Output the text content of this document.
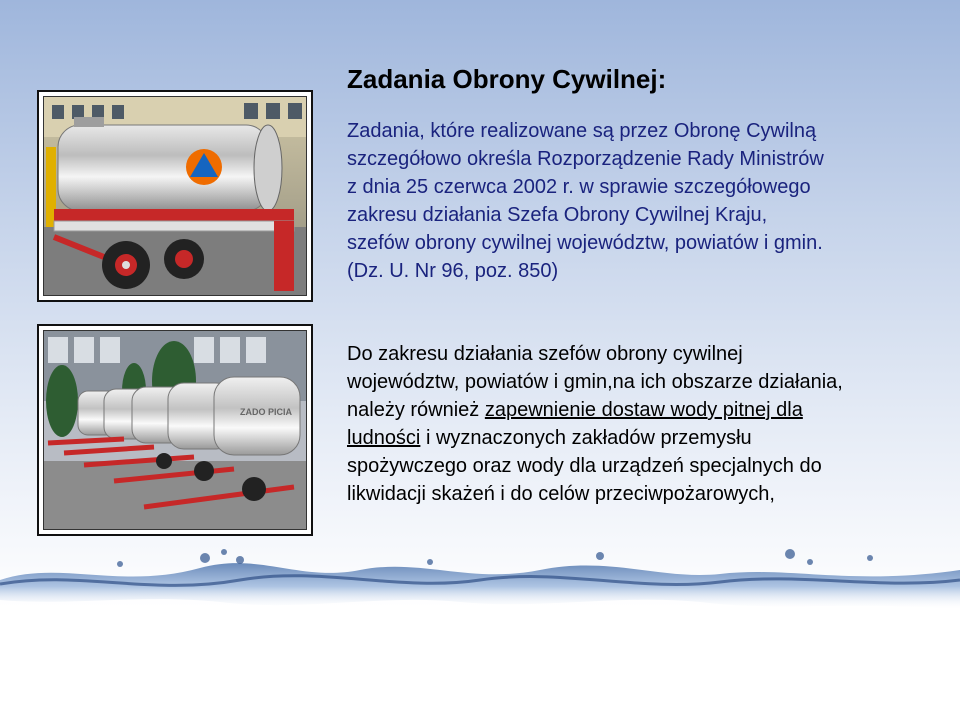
Zadania Obrony Cywilnej:
ZADO PICIA
Zadania, które realizowane są przez Obronę Cywilną
szczegółowo określa Rozporządzenie Rady Ministrów
z dnia 25 czerwca 2002 r. w sprawie szczegółowego
zakresu działania Szefa Obrony Cywilnej Kraju,
szefów obrony cywilnej województw, powiatów i gmin.
(Dz. U. Nr 96, poz. 850)
Do zakresu działania szefów obrony cywilnej
województw, powiatów i gmin,na ich obszarze działania,
należy również zapewnienie dostaw wody pitnej dla
ludności i wyznaczonych zakładów przemysłu
spożywczego oraz wody dla urządzeń specjalnych do
likwidacji skażeń i do celów przeciwpożarowych,
